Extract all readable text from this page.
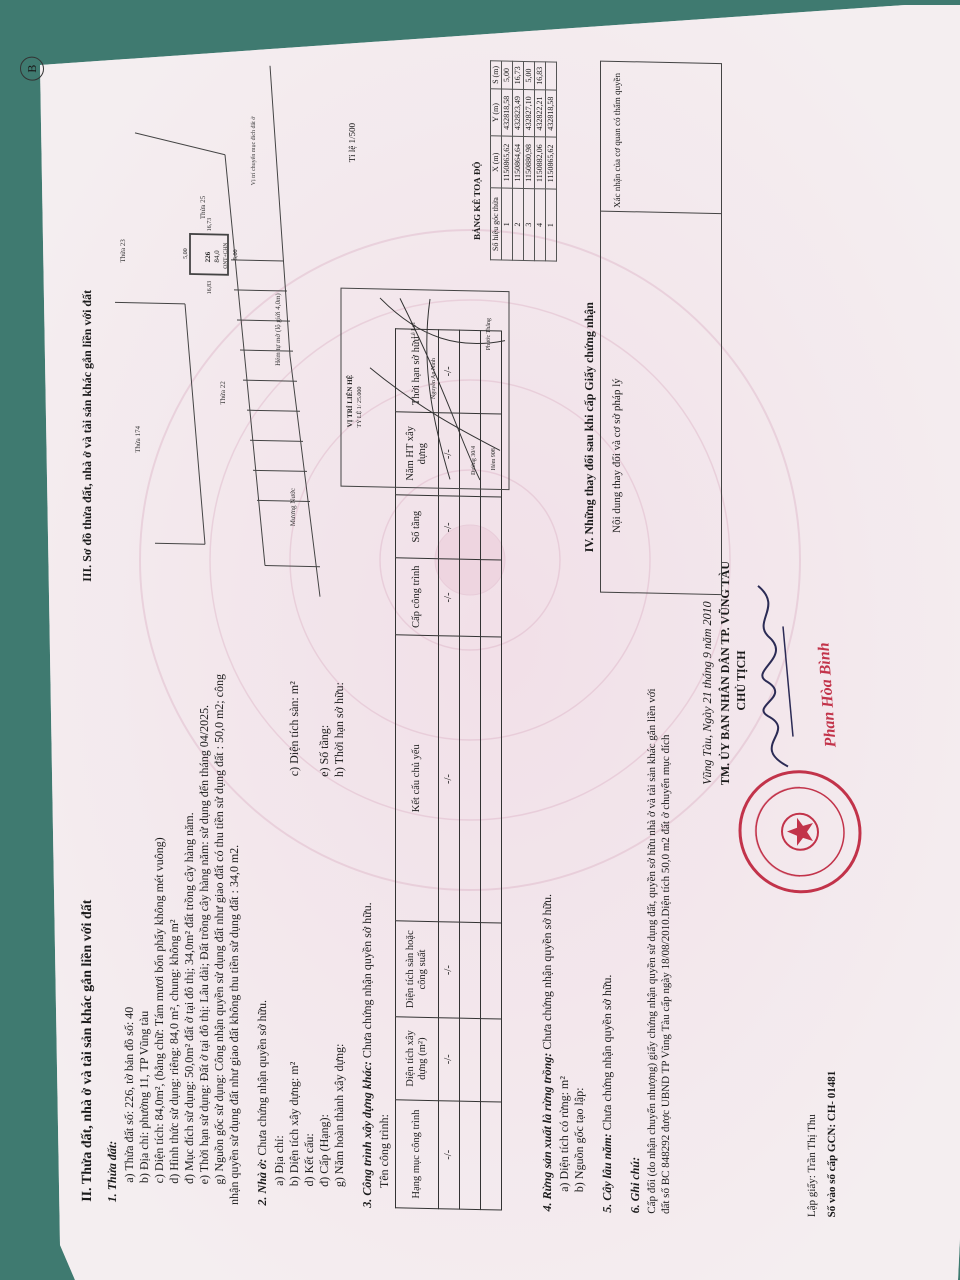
II. Thửa đất, nhà ở và tài sản khác gắn liền với đất 1. Thửa đất: a) Thửa đất số: 226, tờ bản đồ số: 40 b) Địa chỉ: phường 11, TP Vũng tàu c) Diện tích: 84,0m², (bằng chữ: Tám mươi bốn phẩy không mét vuông) d) Hình thức sử dụng: riêng: 84,0 m², chung: không m² đ) Mục đích sử dụng: 50,0m² đất ở tại đô thị; 34,0m² đất trồng cây hàng năm. e) Thời hạn sử dụng: Đất ở tại đô thị: Lâu dài; Đất trồng cây hàng năm: sử dụng đến tháng 04/2025. g) Nguồn gốc sử dụng: Công nhận quyền sử dụng đất như giao đất có thu tiền sử dụng đất : 50,0 m2; công nhận quyền sử dụng đất như giao đất không thu tiền sử dụng đất : 34,0 m2. 2. Nhà ở: Chưa chứng nhận quyền sở hữu.
a) Địa chỉ: b) Diện tích xây dựng: m²
c) Diện tích sàn: m²
d) Kết cấu: đ) Cấp (Hạng):
e) Số tầng:
g) Năm hoàn thành xây dựng:
h) Thời hạn sở hữu:
3. Công trình xây dựng khác: Chưa chứng nhận quyền sở hữu.
Tên công trình: Hạng mục công trình	Diện tích xây dựng (m²)	Diện tích sàn hoặc công suất	Kết cấu chủ yếu	Cấp công trình	Số tầng	Năm HT xây dựng	Thời hạn sở hữu
-/-	-/-	-/-	-/-	-/-	-/-	-/-	-/-

4. Rừng sản xuất là rừng trồng: Chưa chứng nhận quyền sở hữu.
a) Diện tích có rừng: m² b) Nguồn gốc tạo lập: 5. Cây lâu năm: Chưa chứng nhận quyền sở hữu.
6. Ghi chú: Cấp đổi (do nhận chuyển nhượng) giấy chứng nhận quyền sử dụng đất, quyền sở hữu nhà ở và tài sản khác gắn liền với đất số BC 848292 được UBND TP Vũng Tàu cấp ngày 18/08/2010.Diện tích 50,0 m2 đất ở chuyển mục đích
Vũng Tàu, Ngày 21 tháng 9 năm 2010 TM. ỦY BAN NHÂN DÂN TP. VŨNG TÀU CHỦ TỊCH	Phan Hòa Bình
Lập giấy: Trần Thị Thu Số vào sổ cấp GCN: CH- 01481
III. Sơ đồ thửa đất, nhà ở và tài sản khác gắn liền với đất	Mương Nước
Hẻm tự mở (lộ giới 4,0m)
Thửa 174
Thửa 23
Thửa 22
Thửa 25
226 84,0 ONT+CHN
5,00
16,83
16,73
5,00
Vị trí chuyển mục đích đất ở
VỊ TRÍ LIÊN HỆ TỶ LỆ 1/ 25.000
Đường 30/4
Nguyễn An Ninh
Hẻm 908
Lê Lợi	Phước Thắng
Tỉ lệ 1/500
BẢNG KÊ TOẠ ĐỘ	Số hiệu góc thửa	X (m)	Y (m)	S (m)
1	1150865,62	432818,58	5,00
2	1150864,64	432823,49	16,73
3	1150880,98	432827,10	5,00
4	1150882,06	432822,21	16,83
1	1150865,62	432818,58	
IV. Những thay đổi sau khi cấp Giấy chứng nhận Nội dung thay đổi và cơ sở pháp lý
Xác nhận của cơ quan có thẩm quyền
B
